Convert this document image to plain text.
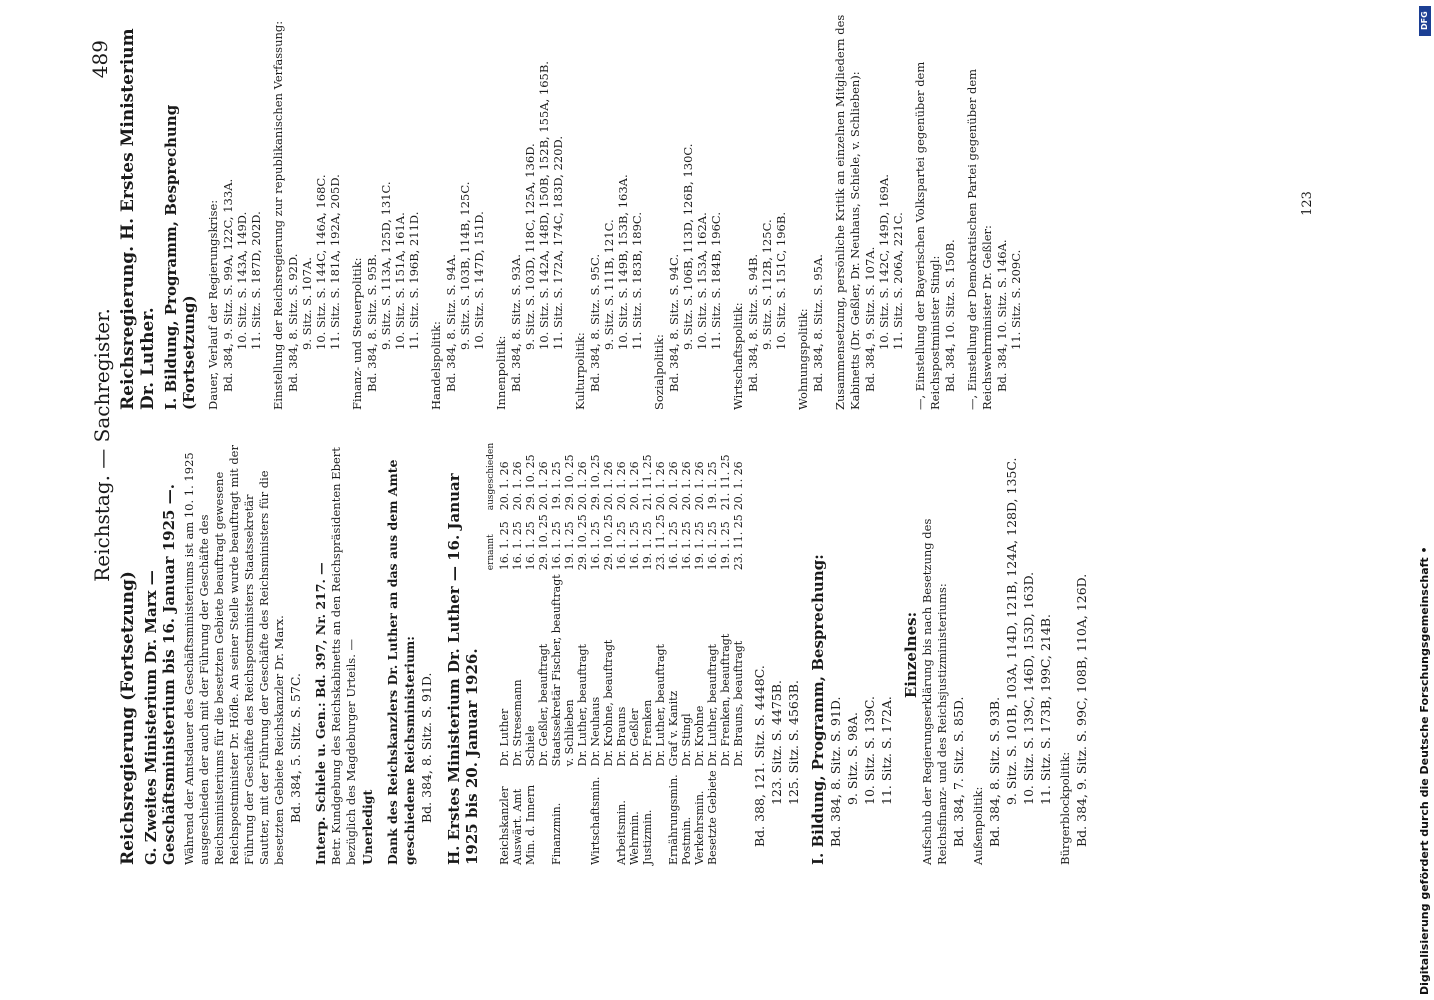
Reichstag. — Sachregister.
489

Reichsregierung (Fortsetzung) G. Zweites Ministerium Dr. Marx — Geschäftsministerium bis 16. Januar 1925 —. Während der Amtsdauer des Geschäftsministeriums ist am 10. 1. 1925 ausgeschieden der auch mit der Führung der Geschäfte des Reichsministeriums für die besetzten Gebiete beauftragt gewesene Reichspostminister Dr. Höfle. An seiner Stelle wurde beauftragt mit der Führung der Geschäfte des Reichspostministers Staatssekretär Sautter, mit der Führung der Geschäfte des Reichsministers für die besetzten Gebiete Reichskanzler Dr. Marx. Bd. 384, 5. Sitz. S. 57C. Interp. Schiele u. Gen.: Bd. 397, Nr. 217. — Betr. Kundgebung des Reichskabinetts an den Reichspräsidenten Ebert bezüglich des Magdeburger Urteils. — Unerledigt Dank des Reichskanzlers Dr. Luther an das aus dem Amte geschiedene Reichsministerium: Bd. 384, 8. Sitz. S. 91D. H. Erstes Ministerium Dr. Luther — 16. Januar 1925 bis 20. Januar 1926.

		ernannt	ausgeschieden
Reichskanzler	Dr. Luther	16. 1. 25	20. 1. 26
Auswärt. Amt	Dr. Stresemann	16. 1. 25	20. 1. 26
Min. d. Innern	Schiele	16. 1. 25	29. 10. 25
	Dr. Geßler, beauftragt	29. 10. 25	20. 1. 26
Finanzmin.	Staatssekretär Fischer, beauftragt	16. 1. 25	19. 1. 25
	v. Schlieben	19. 1. 25	29. 10. 25
	Dr. Luther, beauftragt	29. 10. 25	20. 1. 26
Wirtschaftsmin.	Dr. Neuhaus	16. 1. 25	29. 10. 25
	Dr. Krohne, beauftragt	29. 10. 25	20. 1. 26
Arbeitsmin.	Dr. Brauns	16. 1. 25	20. 1. 26
Wehrmin.	Dr. Geßler	16. 1. 25	20. 1. 26
Justizmin.	Dr. Frenken	19. 1. 25	21. 11. 25
	Dr. Luther, beauftragt	23. 11. 25	20. 1. 26
Ernährungsmin.	Graf v. Kanitz	16. 1. 25	20. 1. 26
Postmin.	Dr. Stingl	16. 1. 25	20. 1. 26
Verkehrsmin.	Dr. Krohne	19. 1. 25	20. 1. 26
Besetzte Gebiete	Dr. Luther, beauftragt	16. 1. 25	19. 1. 25
	Dr. Frenken, beauftragt	19. 1. 25	21. 11. 25
	Dr. Brauns, beauftragt	23. 11. 25	20. 1. 26

Bd. 388, 121. Sitz. S. 4448C. 123. Sitz. S. 4475B. 125. Sitz. S. 4563B. I. Bildung, Programm, Besprechung: Bd. 384, 8. Sitz. S. 91D. 9. Sitz. S. 98A. 10. Sitz. S. 139C. 11. Sitz. S. 172A.

Einzelnes: Aufschub der Regierungserklärung bis nach Besetzung des Reichsfinanz- und des Reichsjustizministeriums: Bd. 384, 7. Sitz. S. 85D. Außenpolitik: Bd. 384, 8. Sitz. S. 93B. 9. Sitz. S. 101B, 103A, 114D, 121B, 124A, 128D, 135C. 10. Sitz. S. 139C, 146D, 153D, 163D. 11. Sitz. S. 173B, 199C, 214B.

Bürgerblockpolitik: Bd. 384, 9. Sitz. S. 99C, 108B, 110A, 126D.

Reichsregierung. H. Erstes Ministerium Dr. Luther. I. Bildung, Programm, Besprechung (Fortsetzung) Dauer, Verlauf der Regierungskrise: Bd. 384, 9. Sitz. S. 99A, 122C, 133A. 10. Sitz. S. 143A, 149D. 11. Sitz. S. 187D, 202D. Einstellung der Reichsregierung zur republikanischen Verfassung: Bd. 384, 8. Sitz. S. 92D. 9. Sitz. S. 107A. 10. Sitz. S. 144C, 146A, 168C. 11. Sitz. S. 181A, 192A, 205D. Finanz- und Steuerpolitik: Bd. 384, 8. Sitz. S. 95B. 9. Sitz. S. 113A, 125D, 131C. 10. Sitz. S. 151A, 161A. 11. Sitz. S. 196B, 211D.

Handelspolitik: Bd. 384, 8. Sitz. S. 94A. 9. Sitz. S. 103B, 114B, 125C. 10. Sitz. S. 147D, 151D.

Innenpolitik: Bd. 384, 8. Sitz. S. 93A. 9. Sitz. S. 103D, 118C, 125A, 136D. 10. Sitz. S. 142A, 148D, 150B, 152B, 155A, 165B. 11. Sitz. S. 172A, 174C, 183D, 220D.

Kulturpolitik: Bd. 384, 8. Sitz. S. 95C. 9. Sitz. S. 111B, 121C. 10. Sitz. S. 149B, 153B, 163A. 11. Sitz. S. 183B, 189C.

Sozialpolitik: Bd. 384, 8. Sitz. S. 94C. 9. Sitz. S. 106B, 113D, 126B, 130C. 10. Sitz. S. 153A, 162A. 11. Sitz. S. 184B, 196C.

Wirtschaftspolitik: Bd. 384, 8. Sitz. S. 94B. 9. Sitz. S. 112B, 125C. 10. Sitz. S. 151C, 196B.

Wohnungspolitik: Bd. 384, 8. Sitz. S. 95A. Zusammensetzung, persönliche Kritik an einzelnen Mitgliedern des Kabinetts (Dr. Geßler, Dr. Neuhaus, Schiele, v. Schlieben): Bd. 384, 9. Sitz. S. 107A. 10. Sitz. S. 142C, 149D, 169A. 11. Sitz. S. 206A, 221C. —, Einstellung der Bayerischen Volkspartei gegenüber dem Reichspostminister Stingl: Bd. 384, 10. Sitz. S. 150B. —, Einstellung der Demokratischen Partei gegenüber dem Reichswehrminister Dr. Geßler: Bd. 384, 10. Sitz. S. 146A. 11. Sitz. S. 209C.

123
Digitalisierung gefördert durch die Deutsche Forschungsgemeinschaft •
DFG
